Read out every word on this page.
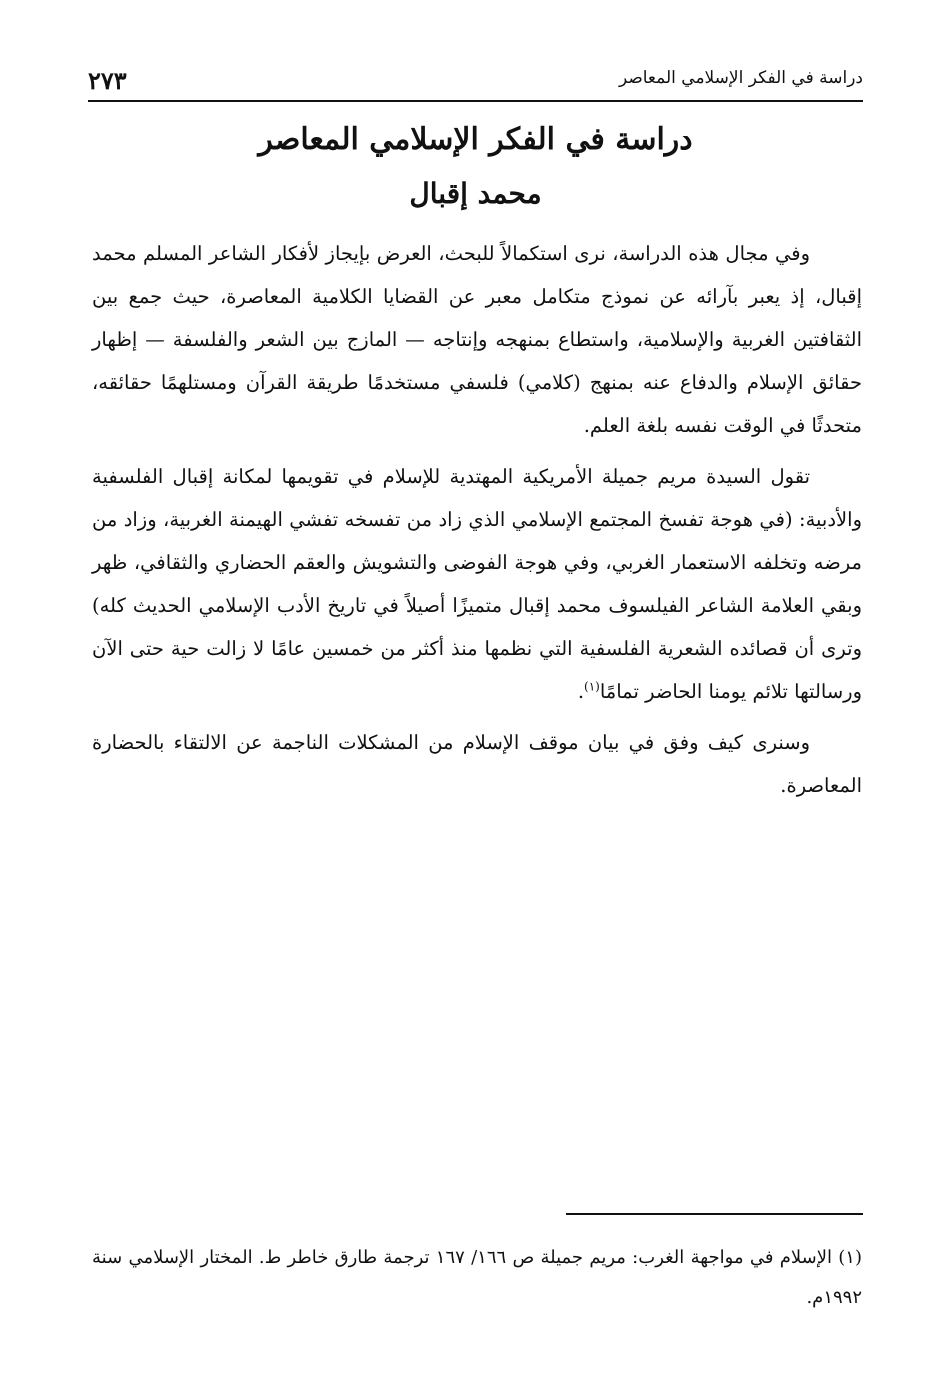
دراسة في الفكر الإسلامي المعاصر
٢٧٣
دراسة في الفكر الإسلامي المعاصر
محمد إقبال

وفي مجال هذه الدراسة، نرى استكمالاً للبحث، العرض بإيجاز لأفكار الشاعر المسلم محمد إقبال، إذ يعبر بآرائه عن نموذج متكامل معبر عن القضايا الكلامية المعاصرة، حيث جمع بين الثقافتين الغربية والإسلامية، واستطاع بمنهجه وإنتاجه — المازج بين الشعر والفلسفة — إظهار حقائق الإسلام والدفاع عنه بمنهج (كلامي) فلسفي مستخدمًا طريقة القرآن ومستلهمًا حقائقه، متحدثًا في الوقت نفسه بلغة العلم.

تقول السيدة مريم جميلة الأمريكية المهتدية للإسلام في تقويمها لمكانة إقبال الفلسفية والأدبية: (في هوجة تفسخ المجتمع الإسلامي الذي زاد من تفسخه تفشي الهيمنة الغربية، وزاد من مرضه وتخلفه الاستعمار الغربي، وفي هوجة الفوضى والتشويش والعقم الحضاري والثقافي، ظهر وبقي العلامة الشاعر الفيلسوف محمد إقبال متميزًا أصيلاً في تاريخ الأدب الإسلامي الحديث كله) وترى أن قصائده الشعرية الفلسفية التي نظمها منذ أكثر من خمسين عامًا لا زالت حية حتى الآن ورسالتها تلائم يومنا الحاضر تمامًا$^{(١)}$.

وسنرى كيف وفق في بيان موقف الإسلام من المشكلات الناجمة عن الالتقاء بالحضارة المعاصرة.

(١) الإسلام في مواجهة الغرب: مريم جميلة ص ١٦٦/ ١٦٧ ترجمة طارق خاطر ط. المختار الإسلامي سنة ١٩٩٢م.
